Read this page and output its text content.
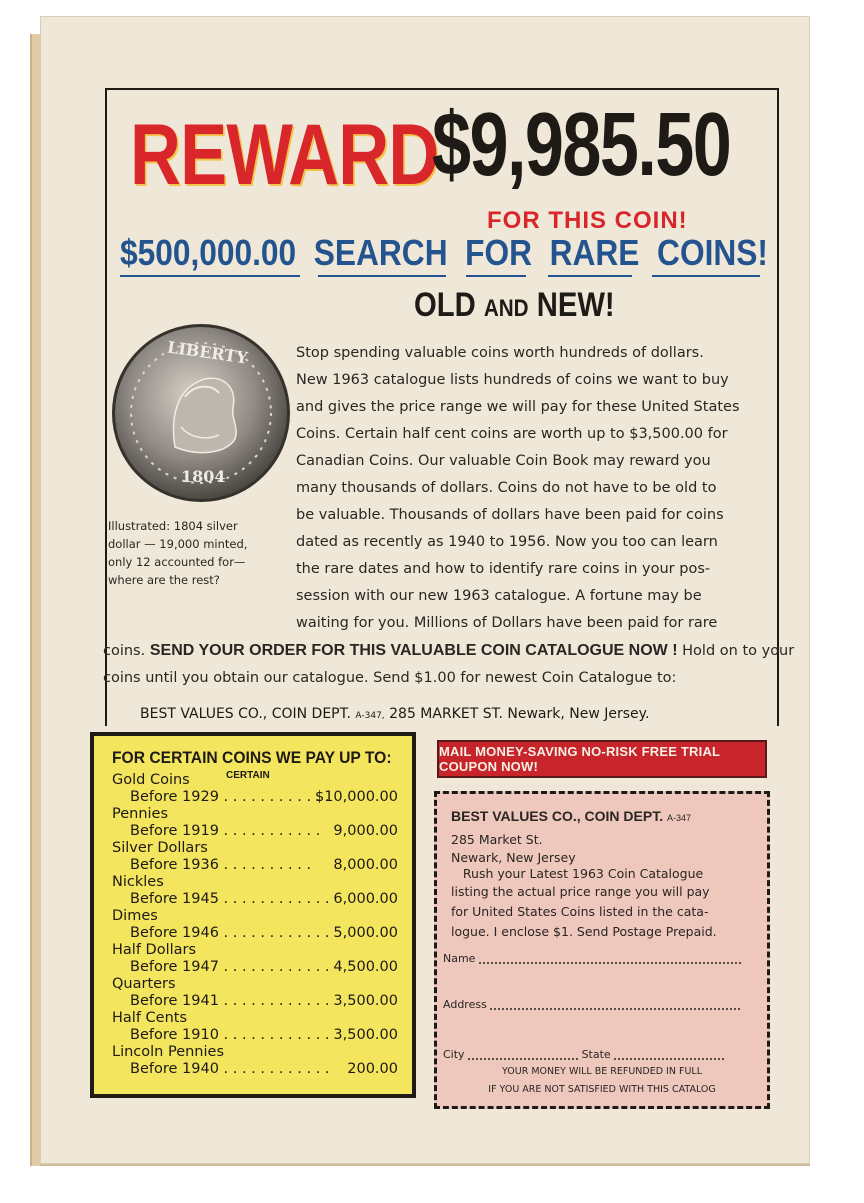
REWARD
$9,985.50
FOR THIS COIN!
$500,000.00 SEARCH FOR RARE COINS!
OLD AND NEW!
LIBERTY
1804
Illustrated: 1804 silver dollar — 19,000 minted, only 12 accounted for— where are the rest?
Stop spending valuable coins worth hundreds of dollars.
New 1963 catalogue lists hundreds of coins we want to buy
and gives the price range we will pay for these United States
Coins. Certain half cent coins are worth up to $3,500.00 for
Canadian Coins. Our valuable Coin Book may reward you
many thousands of dollars. Coins do not have to be old to
be valuable. Thousands of dollars have been paid for coins
dated as recently as 1940 to 1956. Now you too can learn
the rare dates and how to identify rare coins in your pos-
session with our new 1963 catalogue. A fortune may be
waiting for you. Millions of Dollars have been paid for rare
coins. SEND YOUR ORDER FOR THIS VALUABLE COIN CATALOGUE NOW ! Hold on to your
coins until you obtain our catalogue. Send $1.00 for newest Coin Catalogue to:
BEST VALUES CO., COIN DEPT. A-347, 285 MARKET ST. Newark, New Jersey.
FOR CERTAIN COINS WE PAY UP TO:
CERTAIN
Gold Coins
Before 1929 . . . . . . . . . . . .
$10,000.00
Pennies
Before 1919 . . . . . . . . . . . 9,000.00
Silver Dollars
Before 1936 . . . . . . . . . . 8,000.00
Nickles
Before 1945 . . . . . . . . . . . . 6,000.00
Dimes
Before 1946 . . . . . . . . . . . . 5,000.00
Half Dollars
Before 1947 . . . . . . . . . . . . 4,500.00
Quarters
Before 1941 . . . . . . . . . . . . 3,500.00
Half Cents
Before 1910 . . . . . . . . . . . . 3,500.00
Lincoln Pennies
Before 1940 . . . . . . . . . . . . 200.00
MAIL MONEY-SAVING NO-RISK FREE TRIAL COUPON NOW!
BEST VALUES CO., COIN DEPT. A-347
285 Market St.
Newark, New Jersey
Rush your Latest 1963 Coin Catalogue
listing the actual price range you will pay
for United States Coins listed in the cata-
logue. I enclose $1. Send Postage Prepaid.
Name
Address
City	State
YOUR MONEY WILL BE REFUNDED IN FULL
IF YOU ARE NOT SATISFIED WITH THIS CATALOG
